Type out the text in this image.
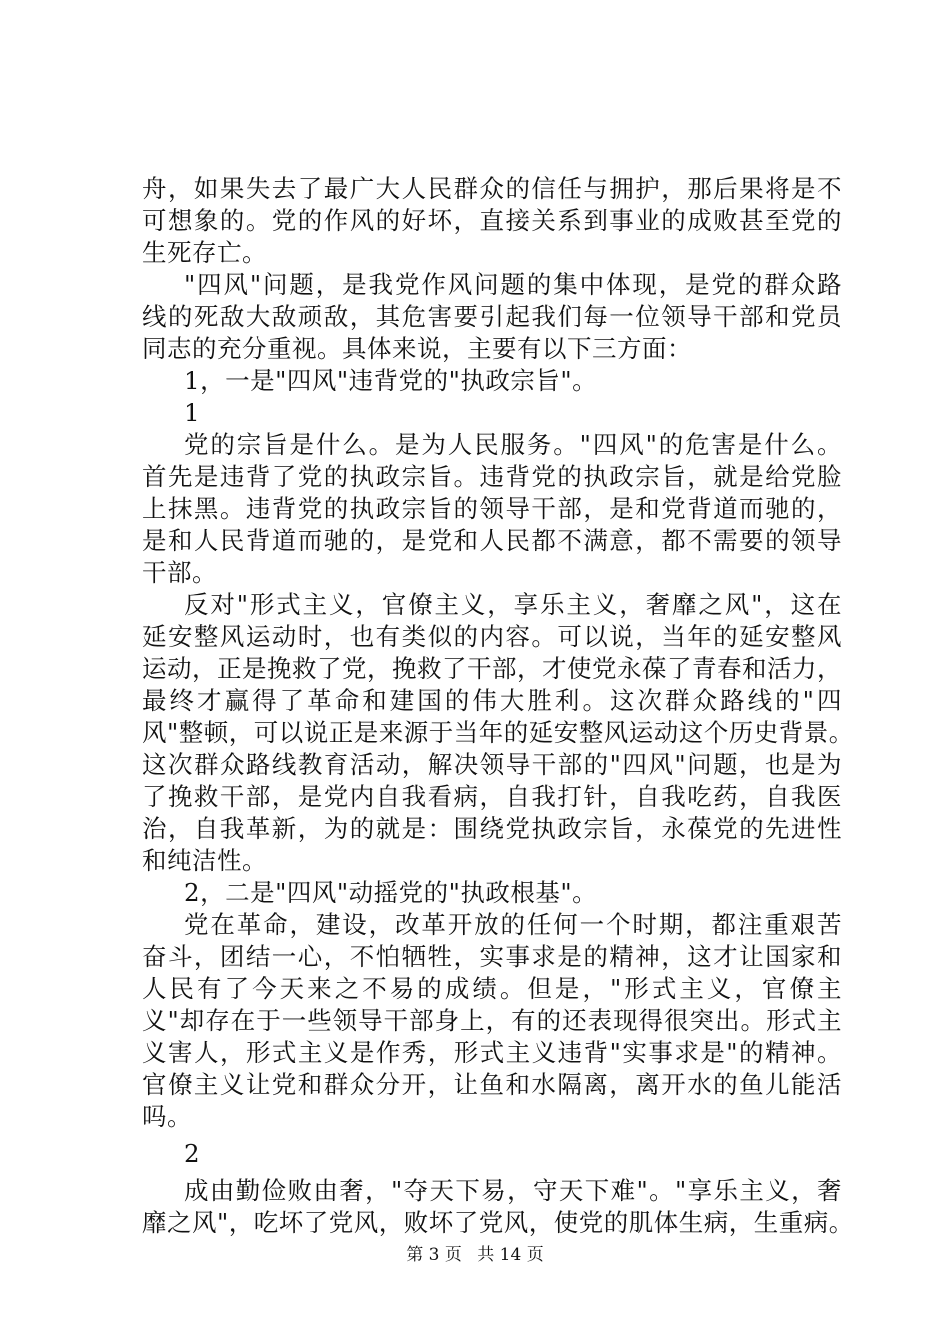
舟，如果失去了最广大人民群众的信任与拥护，那后果将是不
可想象的。党的作风的好坏，直接关系到事业的成败甚至党的
生死存亡。
"四风"问题，是我党作风问题的集中体现，是党的群众路
线的死敌大敌顽敌，其危害要引起我们每一位领导干部和党员
同志的充分重视。具体来说，主要有以下三方面：
1，一是"四风"违背党的"执政宗旨"。
1
党的宗旨是什么。是为人民服务。"四风"的危害是什么。
首先是违背了党的执政宗旨。违背党的执政宗旨，就是给党脸
上抹黑。违背党的执政宗旨的领导干部，是和党背道而驰的，
是和人民背道而驰的，是党和人民都不满意，都不需要的领导
干部。
反对"形式主义，官僚主义，享乐主义，奢靡之风"，这在
延安整风运动时，也有类似的内容。可以说，当年的延安整风
运动，正是挽救了党，挽救了干部，才使党永葆了青春和活力，
最终才赢得了革命和建国的伟大胜利。这次群众路线的"四
风"整顿，可以说正是来源于当年的延安整风运动这个历史背景。
这次群众路线教育活动，解决领导干部的"四风"问题，也是为
了挽救干部，是党内自我看病，自我打针，自我吃药，自我医
治，自我革新，为的就是：围绕党执政宗旨，永葆党的先进性
和纯洁性。
2，二是"四风"动摇党的"执政根基"。
党在革命，建设，改革开放的任何一个时期，都注重艰苦
奋斗，团结一心，不怕牺牲，实事求是的精神，这才让国家和
人民有了今天来之不易的成绩。但是，"形式主义，官僚主
义"却存在于一些领导干部身上，有的还表现得很突出。形式主
义害人，形式主义是作秀，形式主义违背"实事求是"的精神。
官僚主义让党和群众分开，让鱼和水隔离，离开水的鱼儿能活
吗。
2
成由勤俭败由奢，"夺天下易，守天下难"。"享乐主义，奢
靡之风"，吃坏了党风，败坏了党风，使党的肌体生病，生重病。
第 3 页 共 14 页
